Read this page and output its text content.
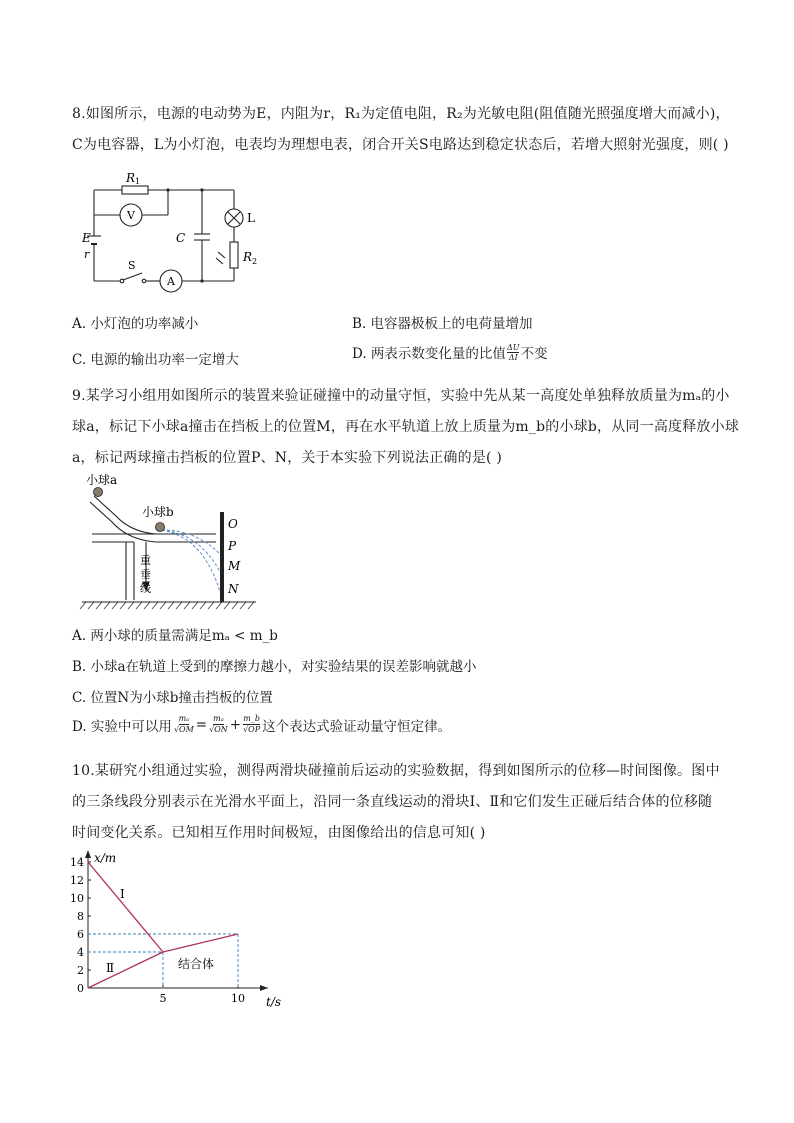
8.如图所示，电源的电动势为E，内阻为r，R₁为定值电阻，R₂为光敏电阻(阻值随光照强度增大而减小)，
C为电容器，L为小灯泡，电表均为理想电表，闭合开关S电路达到稳定状态后，若增大照射光强度，则( )
R 1
V
A
S
C
L
R 2
E
r
A. 小灯泡的功率减小	B. 电容器极板上的电荷量增加
C. 电源的输出功率一定增大	D. 两表示数变化量的比值 $\frac{\Delta U}{\Delta I}$ 不变
9.某学习小组用如图所示的装置来验证碰撞中的动量守恒，实验中先从某一高度处单独释放质量为mₐ的小
球a，标记下小球a撞击在挡板上的位置M，再在水平轨道上放上质量为m_b的小球b，从同一高度释放小球
a，标记两球撞击挡板的位置P、N，关于本实验下列说法正确的是( )
小球a
小球b
重
垂
线
O
P
M
N
A. 两小球的质量需满足mₐ < m_b
B. 小球a在轨道上受到的摩擦力越小，对实验结果的误差影响就越小
C. 位置N为小球b撞击挡板的位置
D. 实验中可以用 $\frac{\text{mₐ}}{√OM} = \frac{\text{mₐ}}{√ON} + \frac{m\_b}{√OP}$ 这个表达式验证动量守恒定律。
10.某研究小组通过实验，测得两滑块碰撞前后运动的实验数据，得到如图所示的位移—时间图像。图中
的三条线段分别表示在光滑水平面上，沿同一条直线运动的滑块Ⅰ、Ⅱ和它们发生正碰后结合体的位移随
时间变化关系。已知相互作用时间极短，由图像给出的信息可知( )
0
2
4
6
8
10
12
14
5	10
x/m
t/s
Ⅰ
Ⅱ	结合体
